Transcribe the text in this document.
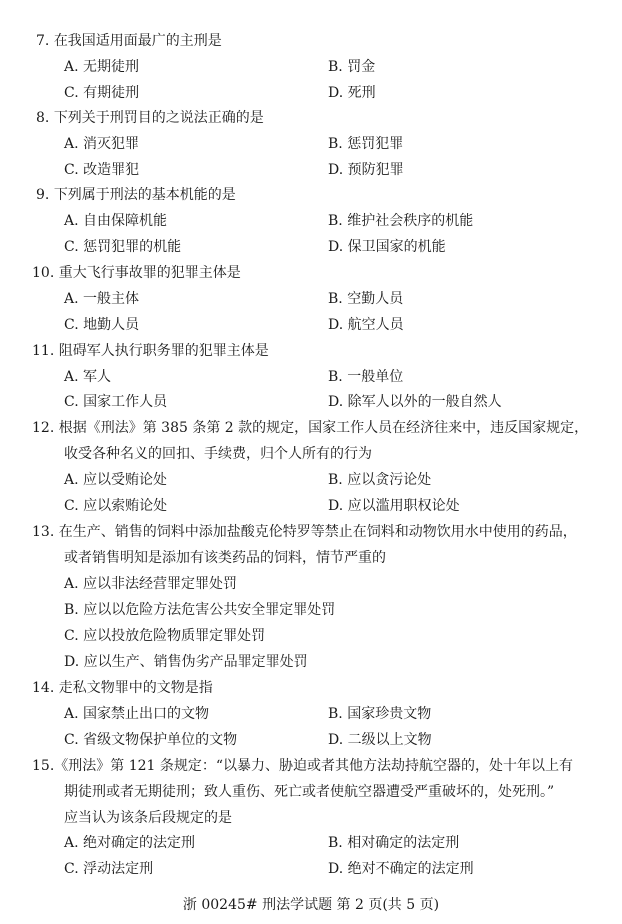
7. 在我国适用面最广的主刑是
A. 无期徒刑	B. 罚金
C. 有期徒刑	D. 死刑
8. 下列关于刑罚目的之说法正确的是
A. 消灭犯罪	B. 惩罚犯罪
C. 改造罪犯	D. 预防犯罪
9. 下列属于刑法的基本机能的是
A. 自由保障机能	B. 维护社会秩序的机能
C. 惩罚犯罪的机能	D. 保卫国家的机能
10. 重大飞行事故罪的犯罪主体是
A. 一般主体	B. 空勤人员
C. 地勤人员	D. 航空人员
11. 阻碍军人执行职务罪的犯罪主体是
A. 军人	B. 一般单位
C. 国家工作人员	D. 除军人以外的一般自然人
12. 根据《刑法》第 385 条第 2 款的规定，国家工作人员在经济往来中，违反国家规定，
收受各种名义的回扣、手续费，归个人所有的行为
A. 应以受贿论处	B. 应以贪污论处
C. 应以索贿论处	D. 应以滥用职权论处
13. 在生产、销售的饲料中添加盐酸克伦特罗等禁止在饲料和动物饮用水中使用的药品，
或者销售明知是添加有该类药品的饲料，情节严重的
A. 应以非法经营罪定罪处罚
B. 应以以危险方法危害公共安全罪定罪处罚
C. 应以投放危险物质罪定罪处罚
D. 应以生产、销售伪劣产品罪定罪处罚
14. 走私文物罪中的文物是指
A. 国家禁止出口的文物	B. 国家珍贵文物
C. 省级文物保护单位的文物	D. 二级以上文物
15.《刑法》第 121 条规定：“以暴力、胁迫或者其他方法劫持航空器的，处十年以上有
期徒刑或者无期徒刑；致人重伤、死亡或者使航空器遭受严重破坏的，处死刑。”
应当认为该条后段规定的是
A. 绝对确定的法定刑	B. 相对确定的法定刑
C. 浮动法定刑	D. 绝对不确定的法定刑
浙 00245# 刑法学试题 第 2 页(共 5 页)
